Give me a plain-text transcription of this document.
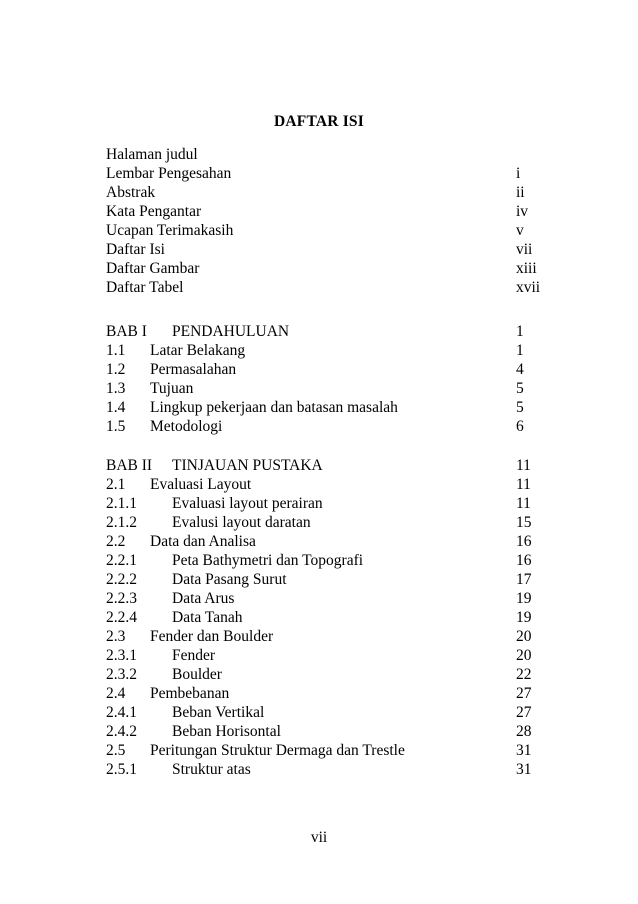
DAFTAR ISI
Halaman judul
Lembar Pengesahan	i
Abstrak	ii
Kata Pengantar	iv
Ucapan Terimakasih	v
Daftar Isi	vii
Daftar Gambar	xiii
Daftar Tabel	xvii
BAB I PENDAHULUAN	1
1.1 Latar Belakang	1
1.2 Permasalahan	4
1.3 Tujuan	5
1.4 Lingkup pekerjaan dan batasan masalah	5
1.5 Metodologi	6
BAB II TINJAUAN PUSTAKA	11
2.1 Evaluasi Layout	11
2.1.1 Evaluasi layout perairan	11
2.1.2 Evalusi layout daratan	15
2.2 Data dan Analisa	16
2.2.1 Peta Bathymetri dan Topografi	16
2.2.2 Data Pasang Surut	17
2.2.3 Data Arus	19
2.2.4 Data Tanah	19
2.3 Fender dan Boulder	20
2.3.1 Fender	20
2.3.2 Boulder	22
2.4 Pembebanan	27
2.4.1 Beban Vertikal	27
2.4.2 Beban Horisontal	28
2.5 Peritungan Struktur Dermaga dan Trestle	31
2.5.1 Struktur atas	31
vii
